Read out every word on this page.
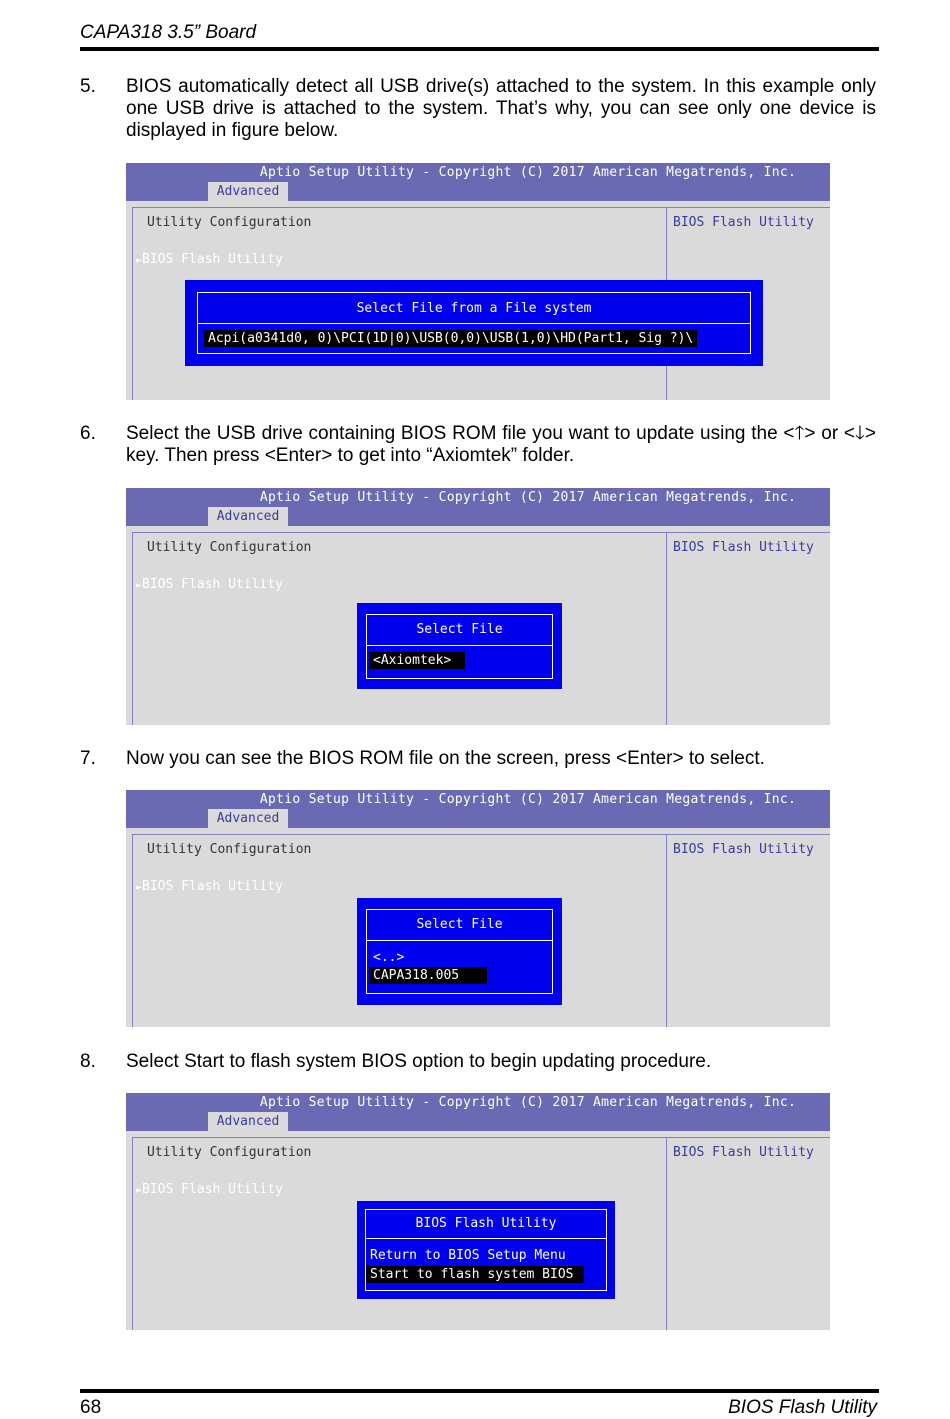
CAPA318 3.5” Board
5. BIOS automatically detect all USB drive(s) attached to the system. In this example only one USB drive is attached to the system. That’s why, you can see only one device is displayed in figure below.
Aptio Setup Utility - Copyright (C) 2017 American Megatrends, Inc.
Advanced
Utility Configuration	BIOS Flash Utility
►BIOS Flash Utility
Select File from a File system
Acpi(a0341d0, 0)\PCI(1D|0)\USB(0,0)\USB(1,0)\HD(Part1, Sig ?)\
6. Select the USB drive containing BIOS ROM file you want to update using the <🡑> or <🡓> key. Then press <Enter> to get into “Axiomtek” folder.
Aptio Setup Utility - Copyright (C) 2017 American Megatrends, Inc.
Advanced
Utility Configuration	BIOS Flash Utility
►BIOS Flash Utility
Select File
<Axiomtek>
7. Now you can see the BIOS ROM file on the screen, press <Enter> to select.
Aptio Setup Utility - Copyright (C) 2017 American Megatrends, Inc.
Advanced
Utility Configuration	BIOS Flash Utility
►BIOS Flash Utility
Select File
<..>
CAPA318.005
8. Select Start to flash system BIOS option to begin updating procedure.
Aptio Setup Utility - Copyright (C) 2017 American Megatrends, Inc.
Advanced
Utility Configuration	BIOS Flash Utility
►BIOS Flash Utility
BIOS Flash Utility
Return to BIOS Setup Menu
Start to flash system BIOS
68	BIOS Flash Utility
